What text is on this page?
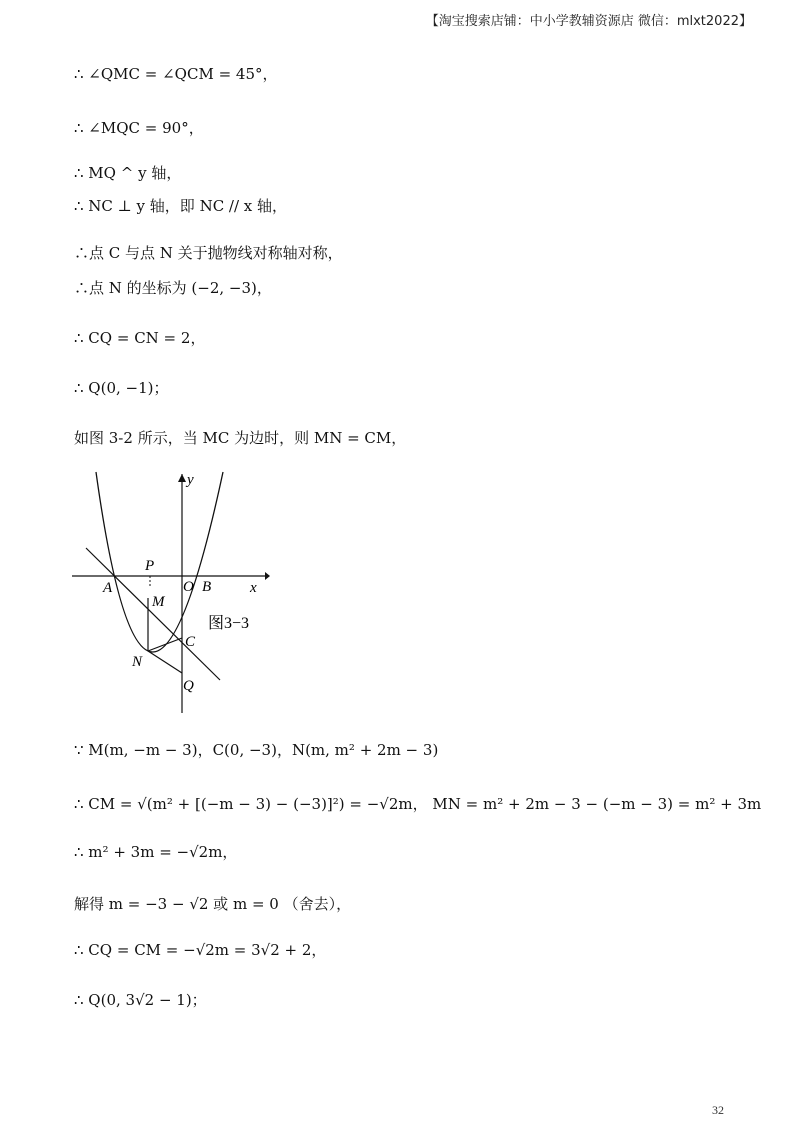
【淘宝搜索店铺：中小学教辅资源店 微信：mlxt2022】
∴ ∠QMC = ∠QCM = 45°，
∴ ∠MQC = 90°，
∴ MQ ^ y 轴，
∴ NC ⊥ y 轴，即 NC // x 轴，
∴点 C 与点 N 关于抛物线对称轴对称，
∴点 N 的坐标为 (−2, −3)，
∴ CQ = CN = 2，
∴ Q(0, −1)；
如图 3-2 所示，当 MC 为边时，则 MN = CM，
y
x
P
O
A	B
M
C
N
Q
图3−3
∵ M(m, −m − 3)，C(0, −3)，N(m, m² + 2m − 3)
∴ CM = √(m² + [(−m − 3) − (−3)]²) = −√2m， MN = m² + 2m − 3 − (−m − 3) = m² + 3m
∴ m² + 3m = −√2m，
解得 m = −3 − √2 或 m = 0 （舍去），
∴ CQ = CM = −√2m = 3√2 + 2，
∴ Q(0, 3√2 − 1)；
32
